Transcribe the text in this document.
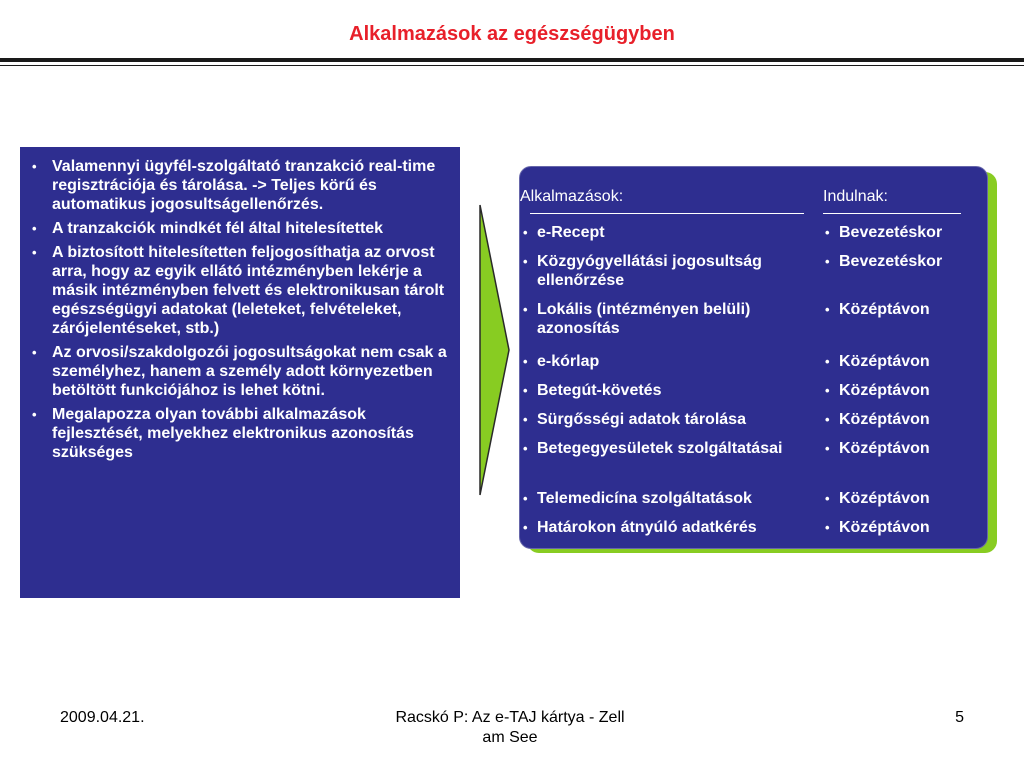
Alkalmazások az egészségügyben
• Valamennyi ügyfél-szolgáltató tranzakció real-time regisztrációja és tárolása. -> Teljes körű és automatikus jogosultságellenőrzés.
• A tranzakciók mindkét fél által hitelesítettek
• A biztosított hitelesítetten feljogosíthatja az orvost arra, hogy az egyik ellátó intézményben lekérje a másik intézményben felvett és elektronikusan tárolt egészségügyi adatokat (leleteket, felvételeket, zárójelentéseket, stb.)
• Az orvosi/szakdolgozói jogosultságokat nem csak a személyhez, hanem a személy adott környezetben betöltött funkciójához is lehet kötni.
• Megalapozza olyan további alkalmazások fejlesztését, melyekhez elektronikus azonosítás szükséges
Alkalmazások:	Indulnak:
• e-Recept
• Közgyógyellátási jogosultság ellenőrzése
• Lokális (intézményen belüli) azonosítás
• e-kórlap
• Betegút-követés
• Sürgősségi adatok tárolása
• Betegegyesületek szolgáltatásai
• Telemedicína szolgáltatások
• Határokon átnyúló adatkérés
• Bevezetéskor
• Bevezetéskor
• Középtávon
• Középtávon
• Középtávon
• Középtávon
• Középtávon
• Középtávon
• Középtávon
2009.04.21.	Racskó P: Az e-TAJ kártya - Zell
am See
5
